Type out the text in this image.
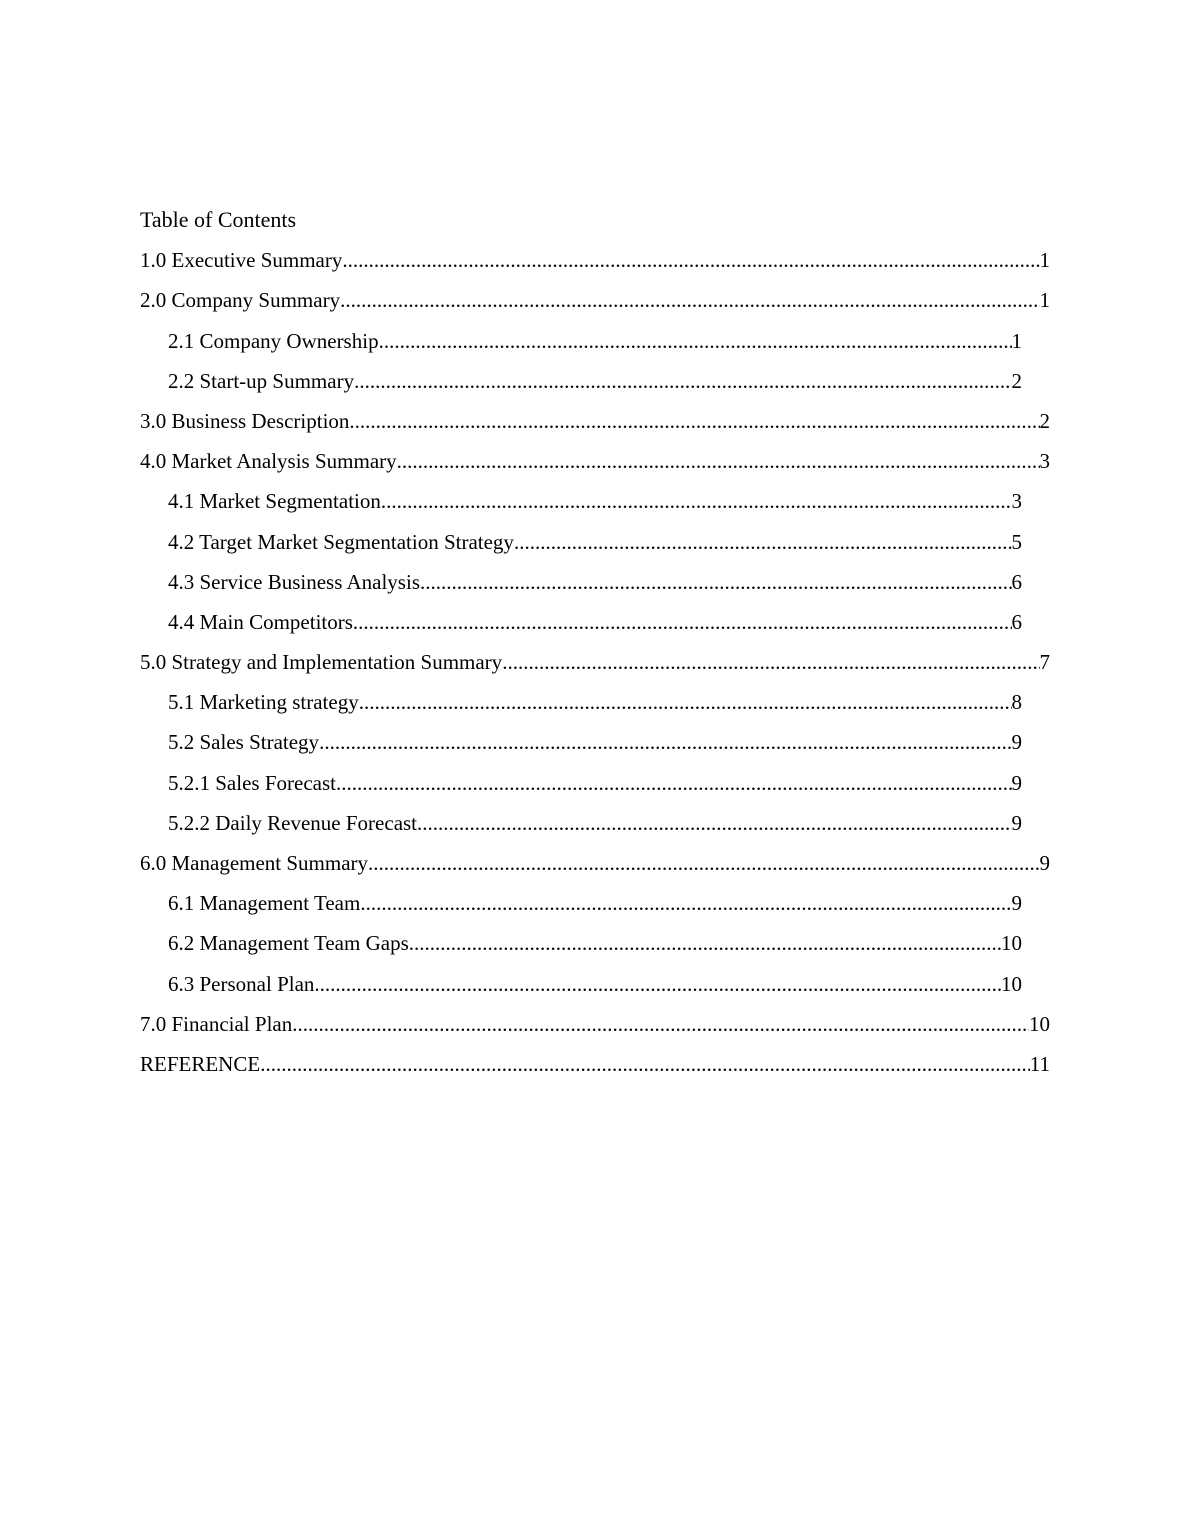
Table of Contents
1.0 Executive Summary .....	1
2.0 Company Summary .....	1
2.1 Company Ownership .....	1
2.2 Start-up Summary .....	2
3.0 Business Description .....	2
4.0 Market Analysis Summary .....	3
4.1 Market Segmentation .....	3
4.2 Target Market Segmentation Strategy .....	5
4.3 Service Business Analysis .....	6
4.4 Main Competitors .....	6
5.0 Strategy and Implementation Summary .....	7
5.1 Marketing strategy .....	8
5.2 Sales Strategy .....	9
5.2.1 Sales Forecast .....	9
5.2.2 Daily Revenue Forecast .....	9
6.0 Management Summary .....	9
6.1 Management Team .....	9
6.2 Management Team Gaps .....	10
6.3 Personal Plan .....	10
7.0 Financial Plan .....	10
REFERENCE .....	11
